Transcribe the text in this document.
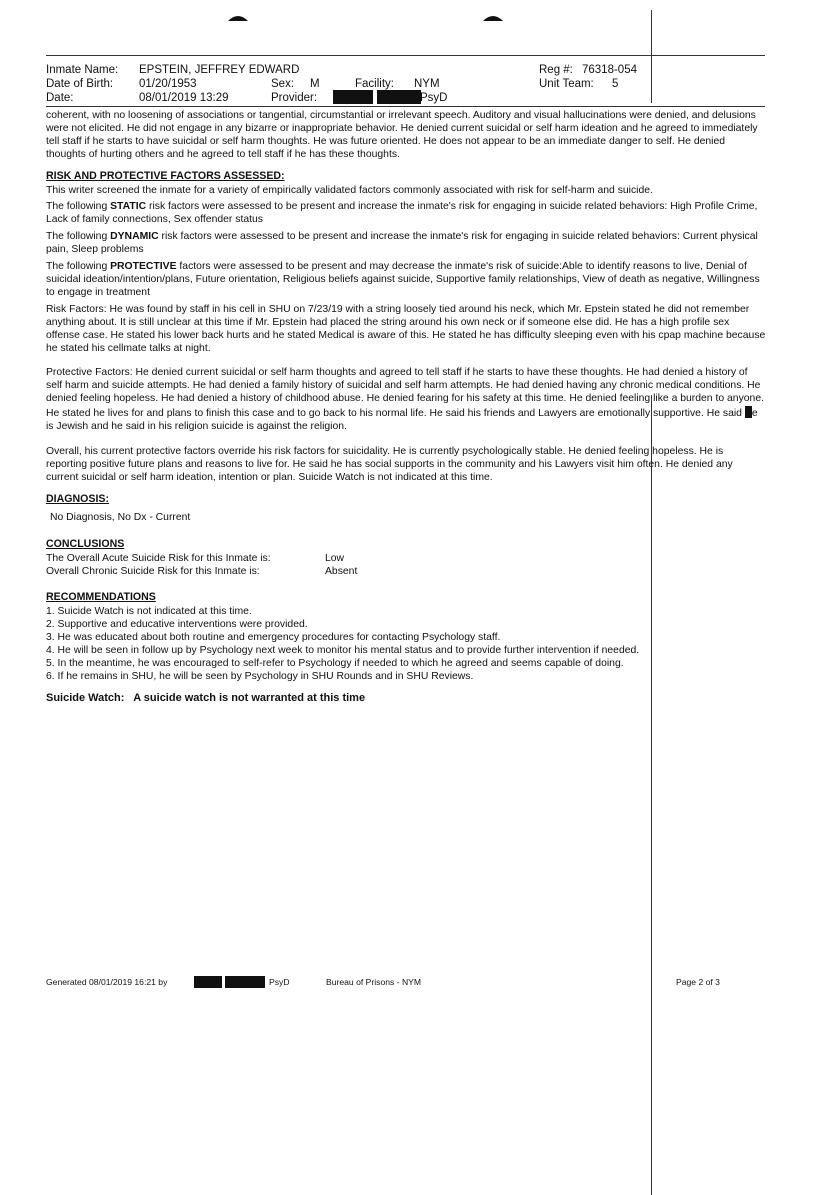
Inmate Name: EPSTEIN, JEFFREY EDWARD	Reg #: 76318-054
Date of Birth: 01/20/1953	Sex: M	Facility: NYM	Unit Team: 5
Date:	08/01/2019 13:29	Provider:	PsyD

coherent, with no loosening of associations or tangential, circumstantial or irrelevant speech. Auditory and visual hallucinations were denied, and delusions were not elicited. He did not engage in any bizarre or inappropriate behavior. He denied current suicidal or self harm ideation and he agreed to immediately tell staff if he starts to have suicidal or self harm thoughts. He was future oriented. He does not appear to be an immediate danger to self. He denied thoughts of hurting others and he agreed to tell staff if he has these thoughts.

RISK AND PROTECTIVE FACTORS ASSESSED:

This writer screened the inmate for a variety of empirically validated factors commonly associated with risk for self-harm and suicide.

The following STATIC risk factors were assessed to be present and increase the inmate's risk for engaging in suicide related behaviors: High Profile Crime, Lack of family connections, Sex offender status

The following DYNAMIC risk factors were assessed to be present and increase the inmate's risk for engaging in suicide related behaviors: Current physical pain, Sleep problems

The following PROTECTIVE factors were assessed to be present and may decrease the inmate's risk of suicide:Able to identify reasons to live, Denial of suicidal ideation/intention/plans, Future orientation, Religious beliefs against suicide, Supportive family relationships, View of death as negative, Willingness to engage in treatment

Risk Factors: He was found by staff in his cell in SHU on 7/23/19 with a string loosely tied around his neck, which Mr. Epstein stated he did not remember anything about. It is still unclear at this time if Mr. Epstein had placed the string around his own neck or if someone else did. He has a high profile sex offense case. He stated his lower back hurts and he stated Medical is aware of this. He stated he has difficulty sleeping even with his cpap machine because he stated his cellmate talks at night.

Protective Factors: He denied current suicidal or self harm thoughts and agreed to tell staff if he starts to have these thoughts. He had denied a history of self harm and suicide attempts. He had denied a family history of suicidal and self harm attempts. He had denied having any chronic medical conditions. He denied feeling hopeless. He had denied a history of childhood abuse. He denied fearing for his safety at this time. He denied feeling like a burden to anyone. He stated he lives for and plans to finish this case and to go back to his normal life. He said his friends and Lawyers are emotionally supportive. He said e is Jewish and he said in his religion suicide is against the religion.

Overall, his current protective factors override his risk factors for suicidality. He is currently psychologically stable. He denied feeling hopeless. He is reporting positive future plans and reasons to live for. He said he has social supports in the community and his Lawyers visit him often. He denied any current suicidal or self harm ideation, intention or plan. Suicide Watch is not indicated at this time.

DIAGNOSIS:

No Diagnosis, No Dx - Current

CONCLUSIONS
The Overall Acute Suicide Risk for this Inmate is:	Low
Overall Chronic Suicide Risk for this Inmate is:	Absent
RECOMMENDATIONS
1. Suicide Watch is not indicated at this time.
2. Supportive and educative interventions were provided.
3. He was educated about both routine and emergency procedures for contacting Psychology staff.
4. He will be seen in follow up by Psychology next week to monitor his mental status and to provide further intervention if needed.
5. In the meantime, he was encouraged to self-refer to Psychology if needed to which he agreed and seems capable of doing.
6. If he remains in SHU, he will be seen by Psychology in SHU Rounds and in SHU Reviews.
Suicide Watch: A suicide watch is not warranted at this time
Generated 08/01/2019 16:21 by	PsyD	Bureau of Prisons - NYM	Page 2 of 3
